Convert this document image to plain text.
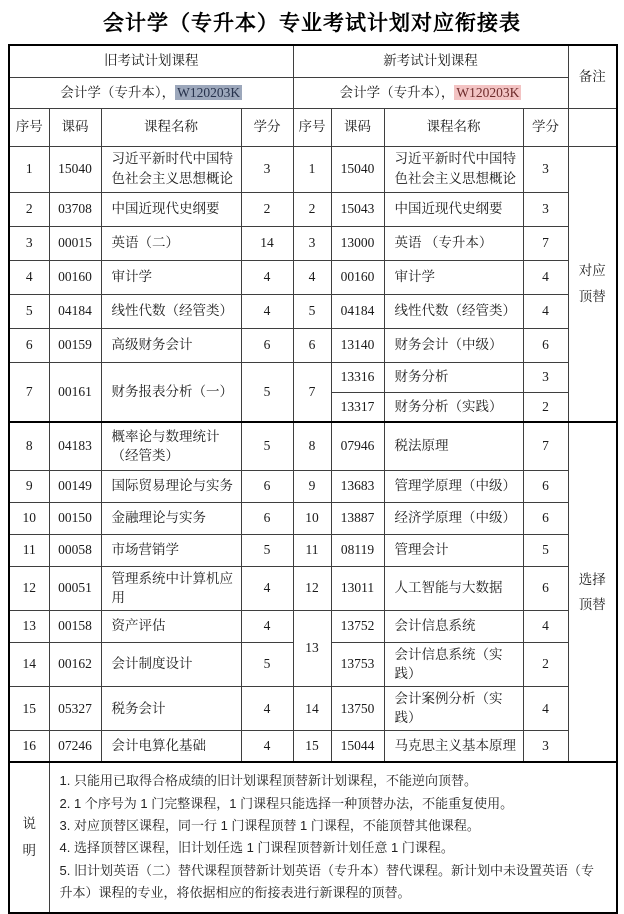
会计学（专升本）专业考试计划对应衔接表
旧考试计划课程				新考试计划课程				备注
会计学（专升本）， W120203K				会计学（专升本）， W120203K				
序号	课码	课程名称	学分	序号	课码	课程名称	学分	
1	15040	习近平新时代中国特色社会主义思想概论	3	1	15040	习近平新时代中国特色社会主义思想概论	3	对应顶替
2	03708	中国近现代史纲要	2	2	15043	中国近现代史纲要	3	
3	00015	英语（二）	14	3	13000	英语 （专升本）	7	
4	00160	审计学	4	4	00160	审计学	4	
5	04184	线性代数（经管类）	4	5	04184	线性代数（经管类）	4	
6	00159	高级财务会计	6	6	13140	财务会计（中级）	6	
7	00161	财务报表分析（一）	5	7	13316	财务分析	3	
					13317	财务分析（实践）	2	
8	04183	概率论与数理统计（经管类）	5	8	07946	税法原理	7	选择顶替
9	00149	国际贸易理论与实务	6	9	13683	管理学原理（中级）	6	
10	00150	金融理论与实务	6	10	13887	经济学原理（中级）	6	
11	00058	市场营销学	5	11	08119	管理会计	5	
12	00051	管理系统中计算机应用	4	12	13011	人工智能与大数据	6	
13	00158	资产评估	4	13	13752	会计信息系统	4	
14	00162	会计制度设计	5		13753	会计信息系统（实践）	2	
15	05327	税务会计	4	14	13750	会计案例分析（实践）	4	
16	07246	会计电算化基础	4	15	15044	马克思主义基本原理	3	
说明	1. 只能用已取得合格成绩的旧计划课程顶替新计划课程，不能逆向顶替。

2. 1 个序号为 1 门完整课程，1 门课程只能选择一种顶替办法，不能重复使用。

3. 对应顶替区课程，同一行 1 门课程顶替 1 门课程，不能顶替其他课程。

4. 选择顶替区课程，旧计划任选 1 门课程顶替新计划任意 1 门课程。

5. 旧计划英语（二）替代课程顶替新计划英语（专升本）替代课程。新计划中未设置英语（专升本）课程的专业，将依据相应的衔接表进行新课程的顶替。							
